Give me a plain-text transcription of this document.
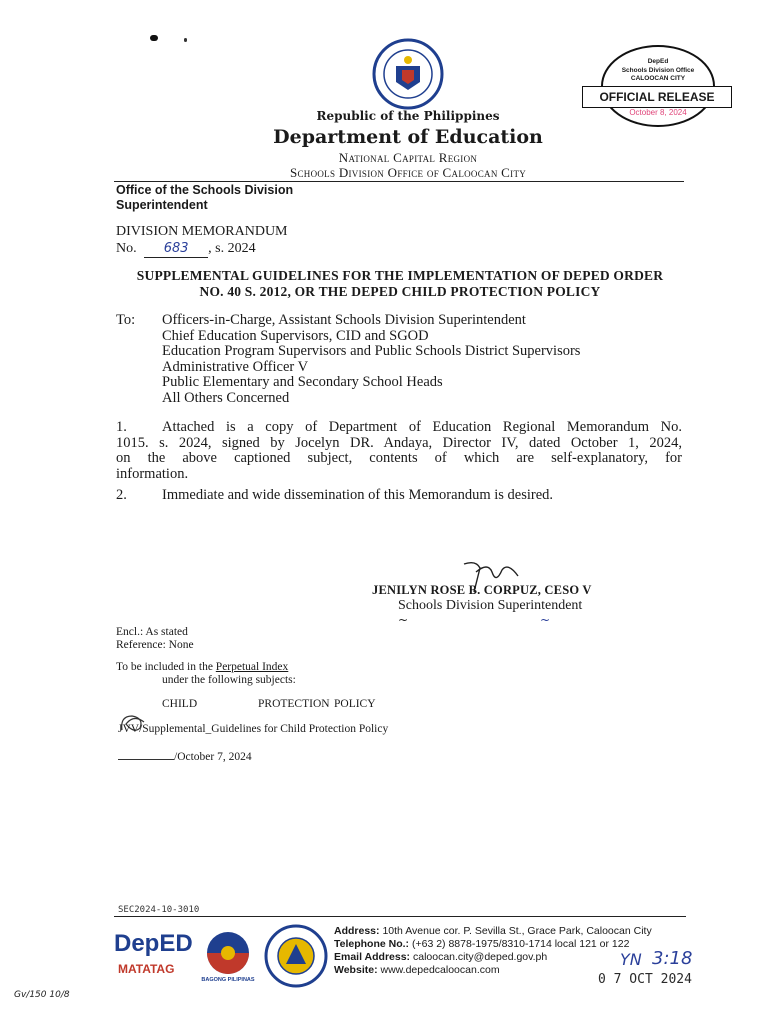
DepEd
Schools Division Office
CALOOCAN CITY
OFFICIAL RELEASE
October 8, 2024
Republic of the Philippines
Department of Education
National Capital Region
Schools Division Office of Caloocan City
Office of the Schools Division
Superintendent
DIVISION MEMORANDUM
No. 683 , s. 2024
SUPPLEMENTAL GUIDELINES FOR THE IMPLEMENTATION OF DEPED ORDER
NO. 40 S. 2012, OR THE DEPED CHILD PROTECTION POLICY
To: Officers-in-Charge, Assistant Schools Division Superintendent
Chief Education Supervisors, CID and SGOD
Education Program Supervisors and Public Schools District Supervisors
Administrative Officer V
Public Elementary and Secondary School Heads
All Others Concerned
1.	Attached is a copy of Department of Education Regional Memorandum No.
1015. s. 2024, signed by Jocelyn DR. Andaya, Director IV, dated October 1, 2024,
on the above captioned subject, contents of which are self-explanatory, for
information.
2. Immediate and wide dissemination of this Memorandum is desired.
JENILYN ROSE B. CORPUZ, CESO V
Schools Division Superintendent
~	~
Encl.: As stated
Reference: None
To be included in the Perpetual Index
under the following subjects:
CHILD	PROTECTION POLICY
JVV/Supplemental_Guidelines for Child Protection Policy
/October 7, 2024
SEC2024-10-3010
DepED
MATATAG
BAGONG PILIPINAS
Address: 10th Avenue cor. P. Sevilla St., Grace Park, Caloocan City
Telephone No.: (+63 2) 8878-1975/8310-1714 local 121 or 122
Email Address: caloocan.city@deped.gov.ph
Website: www.depedcaloocan.com
YN 3:18
0 7 OCT 2024
Gv/150 10/8
